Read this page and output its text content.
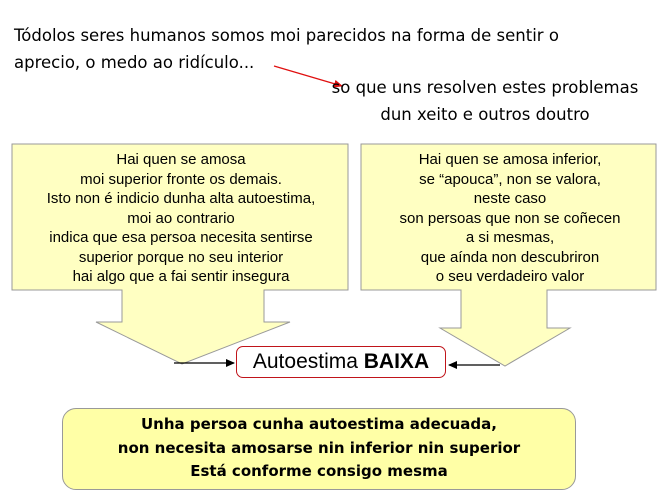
Tódolos seres humanos somos moi parecidos na forma de sentir o
aprecio, o medo ao ridículo...
so que uns resolven estes problemas
dun xeito e outros doutro
Hai quen se amosa
moi superior fronte os demais.
Isto non é indicio dunha alta autoestima,
moi ao contrario
indica que esa persoa necesita sentirse
superior porque no seu interior
hai algo que a fai sentir insegura
Hai quen se amosa inferior,
se “apouca”, non se valora,
neste caso
son persoas que non se coñecen
a si mesmas,
que aínda non descubriron
o seu verdadeiro valor
Autoestima BAIXA
Unha persoa cunha autoestima adecuada,
non necesita amosarse nin inferior nin superior
Está conforme consigo mesma
